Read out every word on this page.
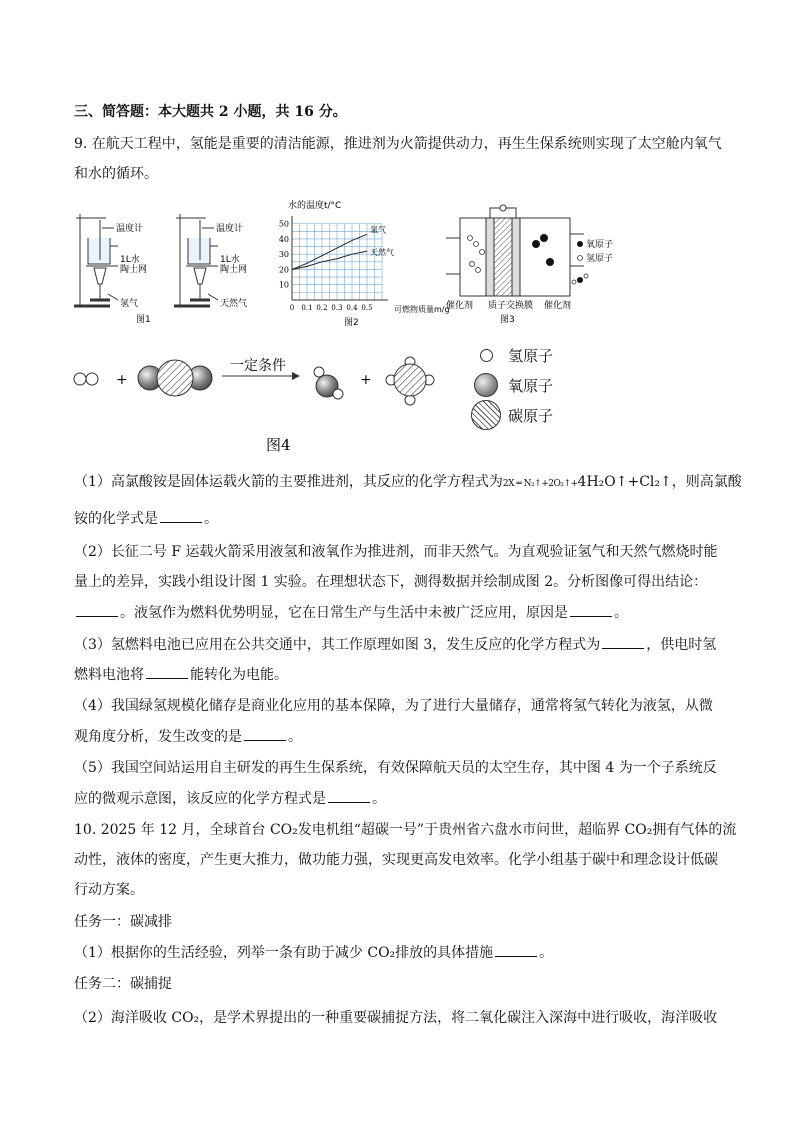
三、简答题：本大题共 2 小题，共 16 分。
9. 在航天工程中，氢能是重要的清洁能源，推进剂为火箭提供动力，再生生保系统则实现了太空舱内氧气
和水的循环。
温度计
1L水
陶土网
氢气
温度计
1L水
陶土网
天然气
图1
10
20
30
40
50
0 0.1 0.2 0.3 0.4 0.5
氢气
天然气
水的温度t/°C
可燃物质量m/g
图2
氧原子
氢原子
催化剂 质子交换膜 催化剂
图3
+
一定条件
+
图4
氢原子
氧原子
碳原子
（1）高氯酸铵是固体运载火箭的主要推进剂，其反应的化学方程式为2X ═ N₂↑+2O₂↑+4H₂O↑+Cl₂↑，则高氯酸
铵的化学式是	。
（2）长征二号 F 运载火箭采用液氢和液氧作为推进剂，而非天然气。为直观验证氢气和天然气燃烧时能
量上的差异，实践小组设计图 1 实验。在理想状态下，测得数据并绘制成图 2。分析图像可得出结论：
。液氢作为燃料优势明显，它在日常生产与生活中未被广泛应用，原因是	。
（3）氢燃料电池已应用在公共交通中，其工作原理如图 3，发生反应的化学方程式为	，供电时氢
燃料电池将	能转化为电能。
（4）我国绿氢规模化储存是商业化应用的基本保障，为了进行大量储存，通常将氢气转化为液氢，从微
观角度分析，发生改变的是	。
（5）我国空间站运用自主研发的再生生保系统，有效保障航天员的太空生存，其中图 4 为一个子系统反
应的微观示意图，该反应的化学方程式是	。
10. 2025 年 12 月，全球首台 CO₂发电机组“超碳一号”于贵州省六盘水市问世，超临界 CO₂拥有气体的流
动性，液体的密度，产生更大推力，做功能力强，实现更高发电效率。化学小组基于碳中和理念设计低碳
行动方案。
任务一：碳减排
（1）根据你的生活经验，列举一条有助于减少 CO₂排放的具体措施	。
任务二：碳捕捉
（2）海洋吸收 CO₂，是学术界提出的一种重要碳捕捉方法，将二氧化碳注入深海中进行吸收，海洋吸收
